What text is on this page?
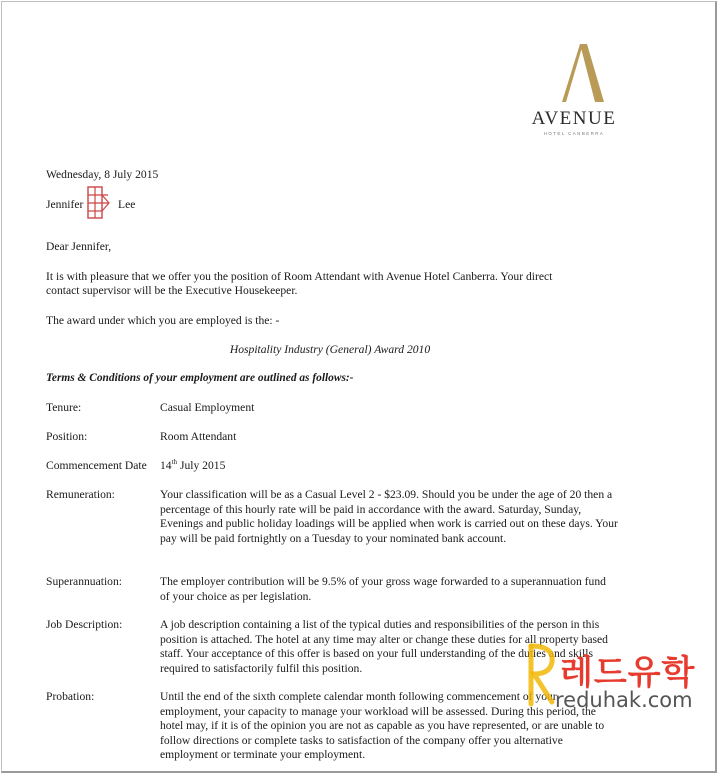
AVENUE
HOTEL CANBERRA
Wednesday, 8 July 2015
Jennifer	Lee
Dear Jennifer,
It is with pleasure that we offer you the position of Room Attendant with Avenue Hotel Canberra. Your direct
contact supervisor will be the Executive Housekeeper.
The award under which you are employed is the: -
Hospitality Industry (General) Award 2010
Terms & Conditions of your employment are outlined as follows:-
Tenure:	Casual Employment
Position:	Room Attendant
Commencement Date 14th July 2015
Remuneration:	Your classification will be as a Casual Level 2 - $23.09. Should you be under the age of 20 then a percentage of this hourly rate will be paid in accordance with the award. Saturday, Sunday, Evenings and public holiday loadings will be applied when work is carried out on these days. Your pay will be paid fortnightly on a Tuesday to your nominated bank account.
Superannuation:	The employer contribution will be 9.5% of your gross wage forwarded to a superannuation fund of your choice as per legislation.
Job Description:	A job description containing a list of the typical duties and responsibilities of the person in this position is attached. The hotel at any time may alter or change these duties for all property based staff. Your acceptance of this offer is based on your full understanding of the duties and skills required to satisfactorily fulfil this position.
Probation:	Until the end of the sixth complete calendar month following commencement of your employment, your capacity to manage your workload will be assessed. During this period, the hotel may, if it is of the opinion you are not as capable as you have represented, or are unable to follow directions or complete tasks to satisfaction of the company offer you alternative employment or terminate your employment.
레드유학
reduhak.com
